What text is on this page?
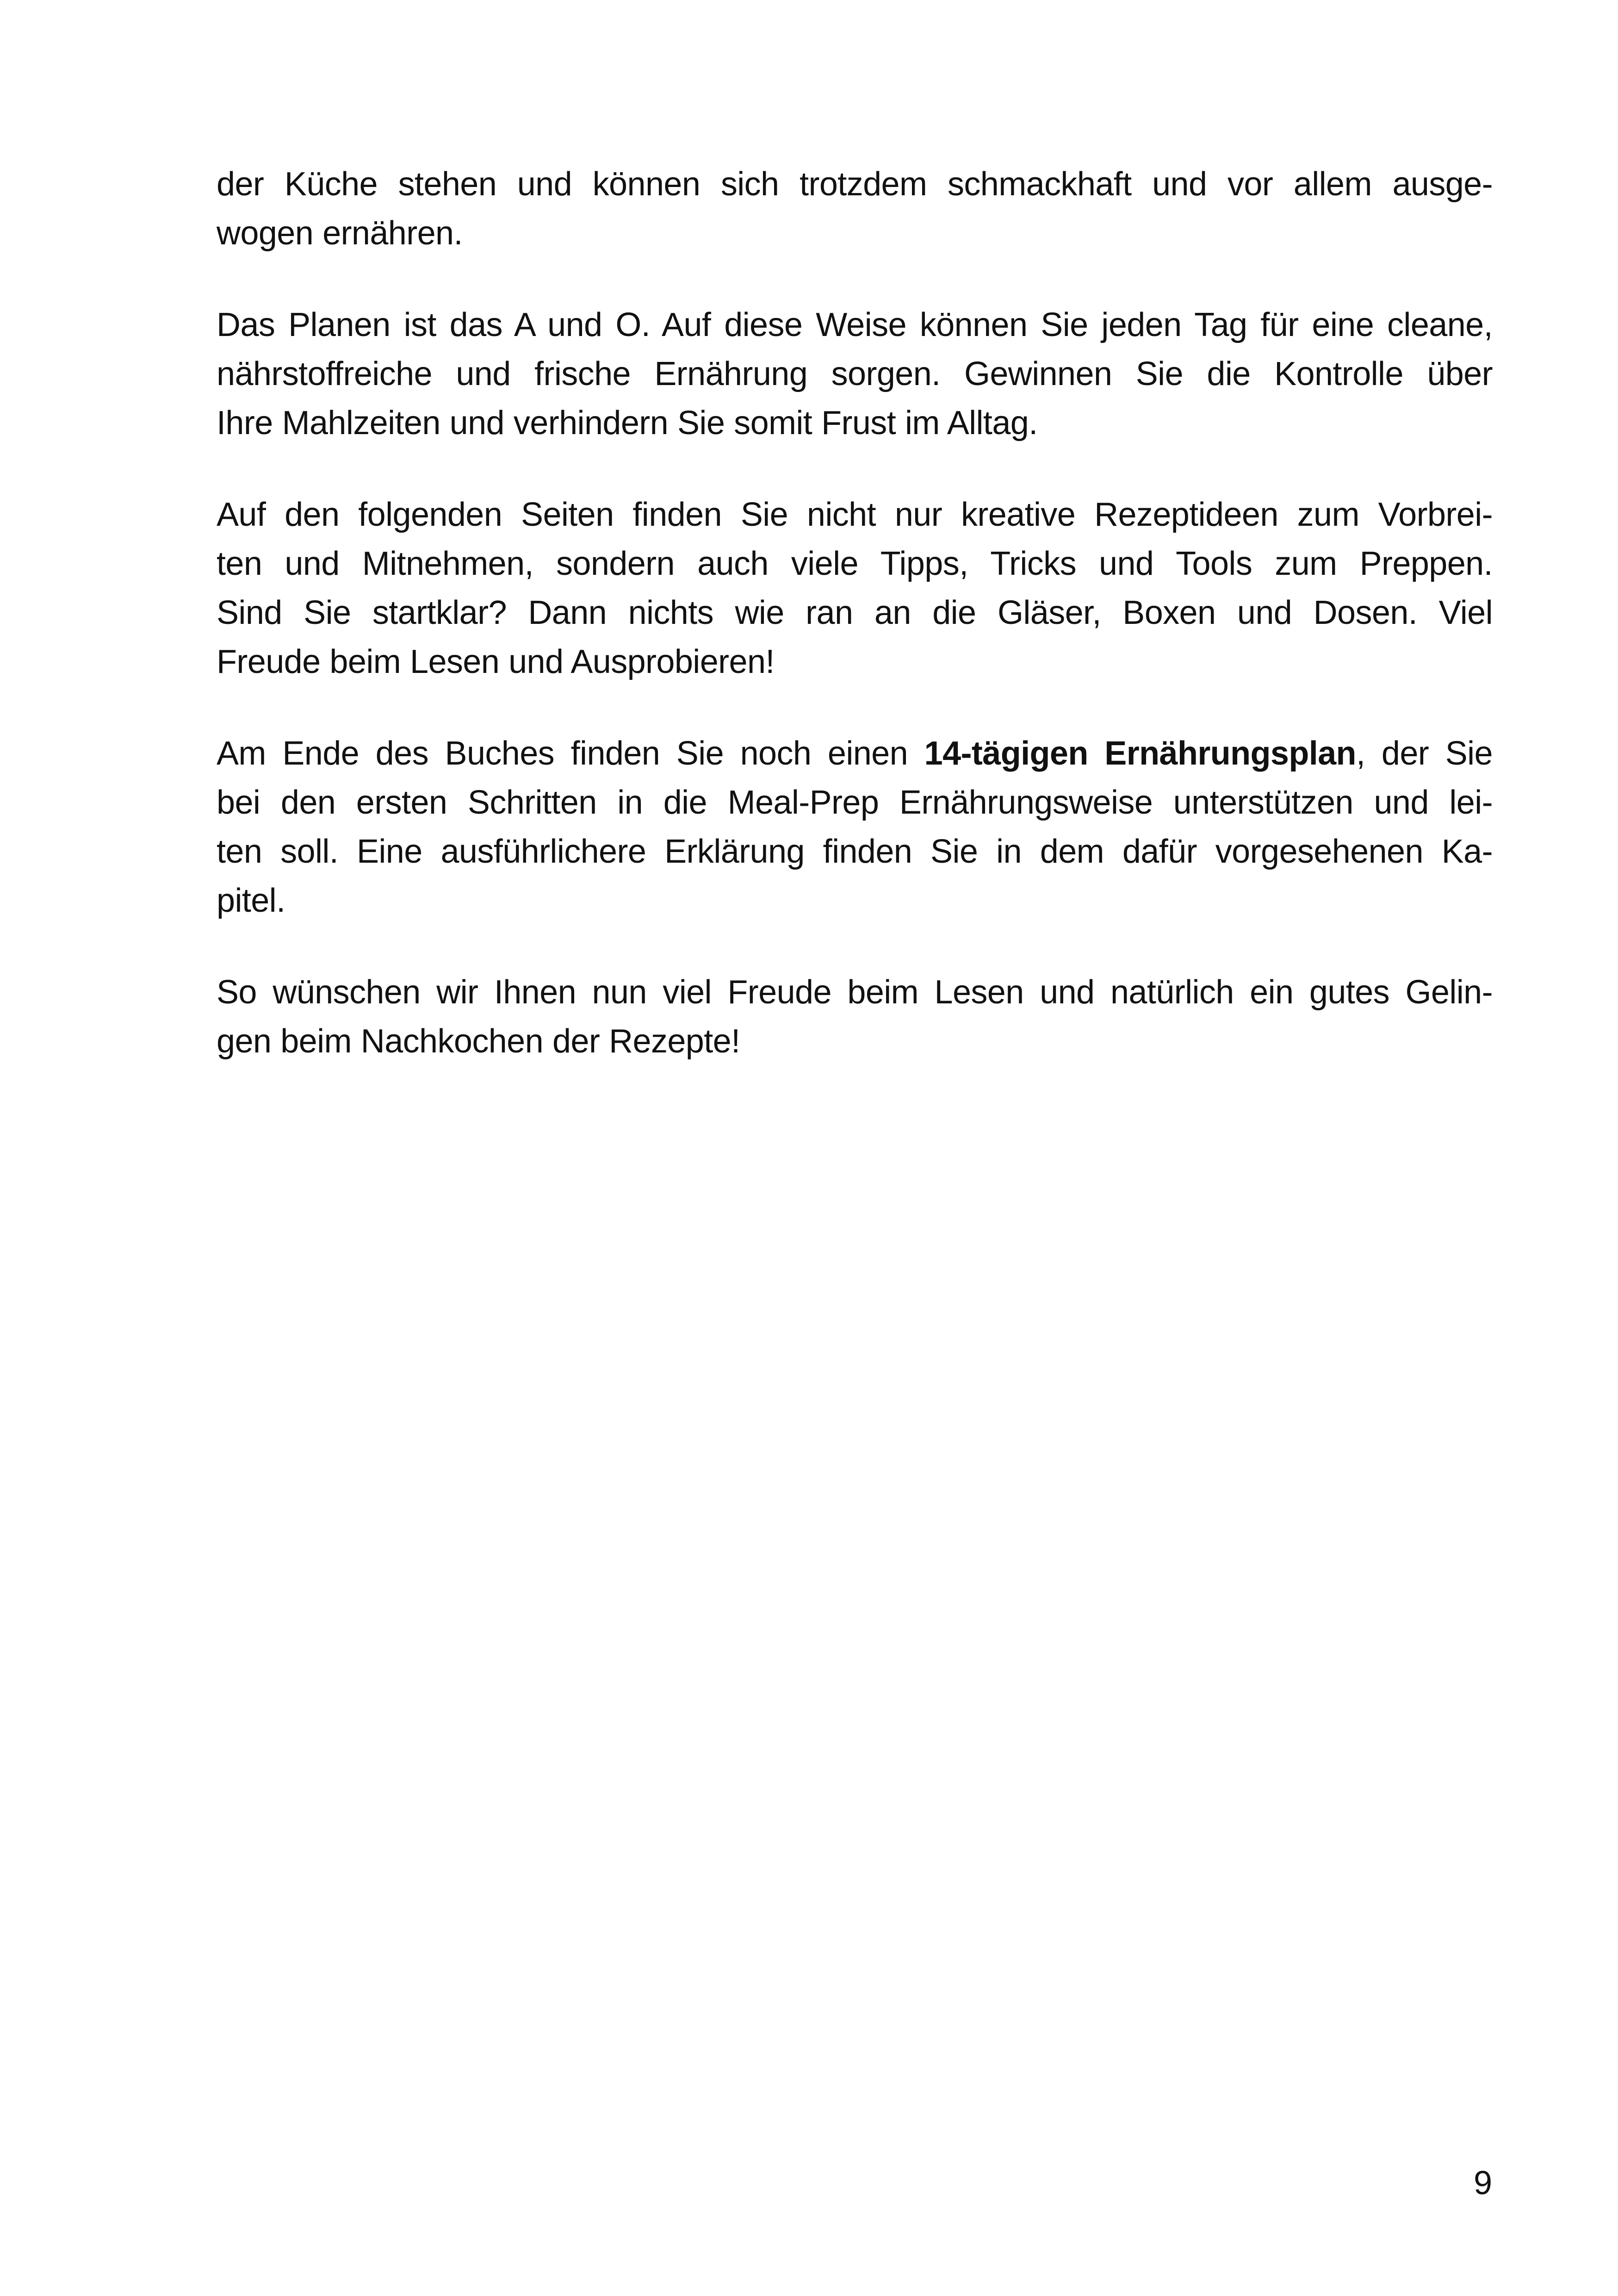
der Küche stehen und können sich trotzdem schmackhaft und vor allem ausge-
wogen ernähren.

Das Planen ist das A und O. Auf diese Weise können Sie jeden Tag für eine cleane,
nährstoffreiche und frische Ernährung sorgen. Gewinnen Sie die Kontrolle über
Ihre Mahlzeiten und verhindern Sie somit Frust im Alltag.

Auf den folgenden Seiten finden Sie nicht nur kreative Rezeptideen zum Vorbrei-
ten und Mitnehmen, sondern auch viele Tipps, Tricks und Tools zum Preppen.
Sind Sie startklar? Dann nichts wie ran an die Gläser, Boxen und Dosen. Viel
Freude beim Lesen und Ausprobieren!

Am Ende des Buches finden Sie noch einen 14-tägigen Ernährungsplan, der Sie
bei den ersten Schritten in die Meal-Prep Ernährungsweise unterstützen und lei-
ten soll. Eine ausführlichere Erklärung finden Sie in dem dafür vorgesehenen Ka-
pitel.

So wünschen wir Ihnen nun viel Freude beim Lesen und natürlich ein gutes Gelin-
gen beim Nachkochen der Rezepte!

9
